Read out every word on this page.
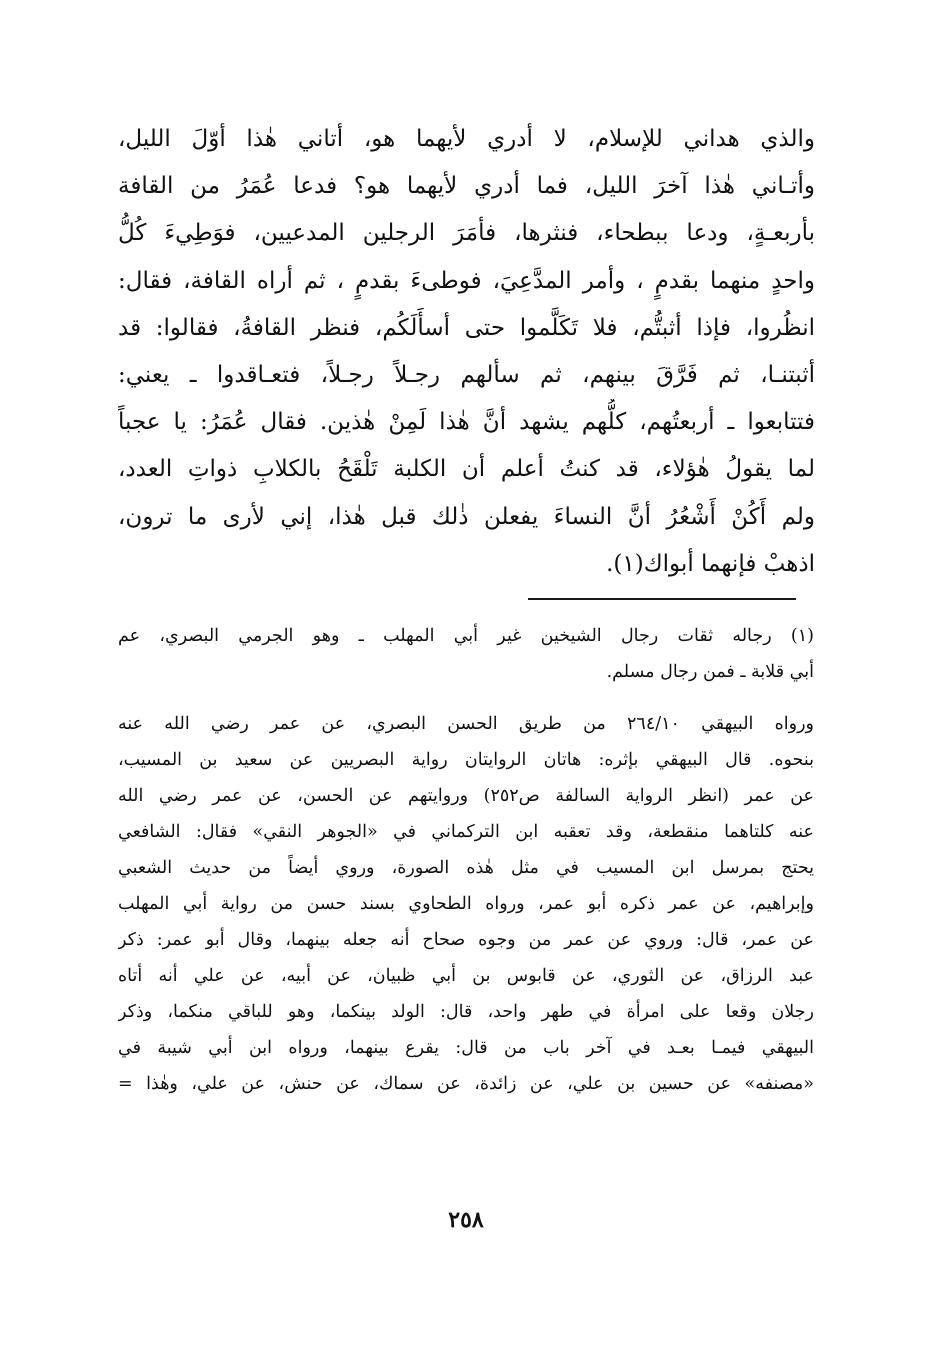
والذي هداني للإسلام، لا أدري لأيهما هو، أتاني هٰذا أوّلَ الليل،
وأتـاني هٰذا آخرَ الليل، فما أدري لأيهما هو؟ فدعا عُمَرُ من القافة
بأربعـةٍ، ودعا ببطحاء، فنثرها، فأمَرَ الرجلين المدعيين، فوَطِيءَ كُلُّ
واحدٍ منهما بقدمٍ ، وأمر المدَّعِيَ، فوطىءَ بقدمٍ ، ثم أراه القافة، فقال:
انظُروا، فإذا أثبتُّم، فلا تَكَلَّموا حتى أسأَلَكُم، فنظر القافةُ، فقالوا: قد
أثبتنـا، ثم فَرَّقَ بينهم، ثم سألهم رجـلاً رجـلاً، فتعـاقدوا ـ يعني:
فتتابعوا ـ أربعتُهم، كلُّهم يشهد أنَّ هٰذا لَمِنْ هٰذين. فقال عُمَرُ: يا عجباً
لما يقولُ هٰؤلاء، قد كنتُ أعلم أن الكلبة تَلْقَحُ بالكلابِ ذواتِ العدد،
ولم أَكُنْ أَشْعُرُ أنَّ النساءَ يفعلن ذٰلك قبل هٰذا، إني لأرى ما ترون،
اذهبْ فإنهما أبواك(١).
(١) رجاله ثقات رجال الشيخين غير أبي المهلب ـ وهو الجرمي البصري، عم
أبي قلابة ـ فمن رجال مسلم.
ورواه البيهقي ٢٦٤/١٠ من طريق الحسن البصري، عن عمر رضي الله عنه
بنحوه. قال البيهقي بإثره: هاتان الروايتان رواية البصريين عن سعيد بن المسيب،
عن عمر (انظر الرواية السالفة ص٢٥٢) وروايتهم عن الحسن، عن عمر رضي الله
عنه كلتاهما منقطعة، وقد تعقبه ابن التركماني في «الجوهر النقي» فقال: الشافعي
يحتج بمرسل ابن المسيب في مثل هٰذه الصورة، وروي أيضاً من حديث الشعبي
وإبراهيم، عن عمر ذكره أبو عمر، ورواه الطحاوي بسند حسن من رواية أبي المهلب
عن عمر، قال: وروي عن عمر من وجوه صحاح أنه جعله بينهما، وقال أبو عمر: ذكر
عبد الرزاق، عن الثوري، عن قابوس بن أبي ظبيان، عن أبيه، عن علي أنه أتاه
رجلان وقعا على امرأة في طهر واحد، قال: الولد بينكما، وهو للباقي منكما، وذكر
البيهقي فيمـا بعـد في آخر باب من قال: يقرع بينهما، ورواه ابن أبي شيبة في
«مصنفه» عن حسين بن علي، عن زائدة، عن سماك، عن حنش، عن علي، وهٰذا =
٢٥٨
